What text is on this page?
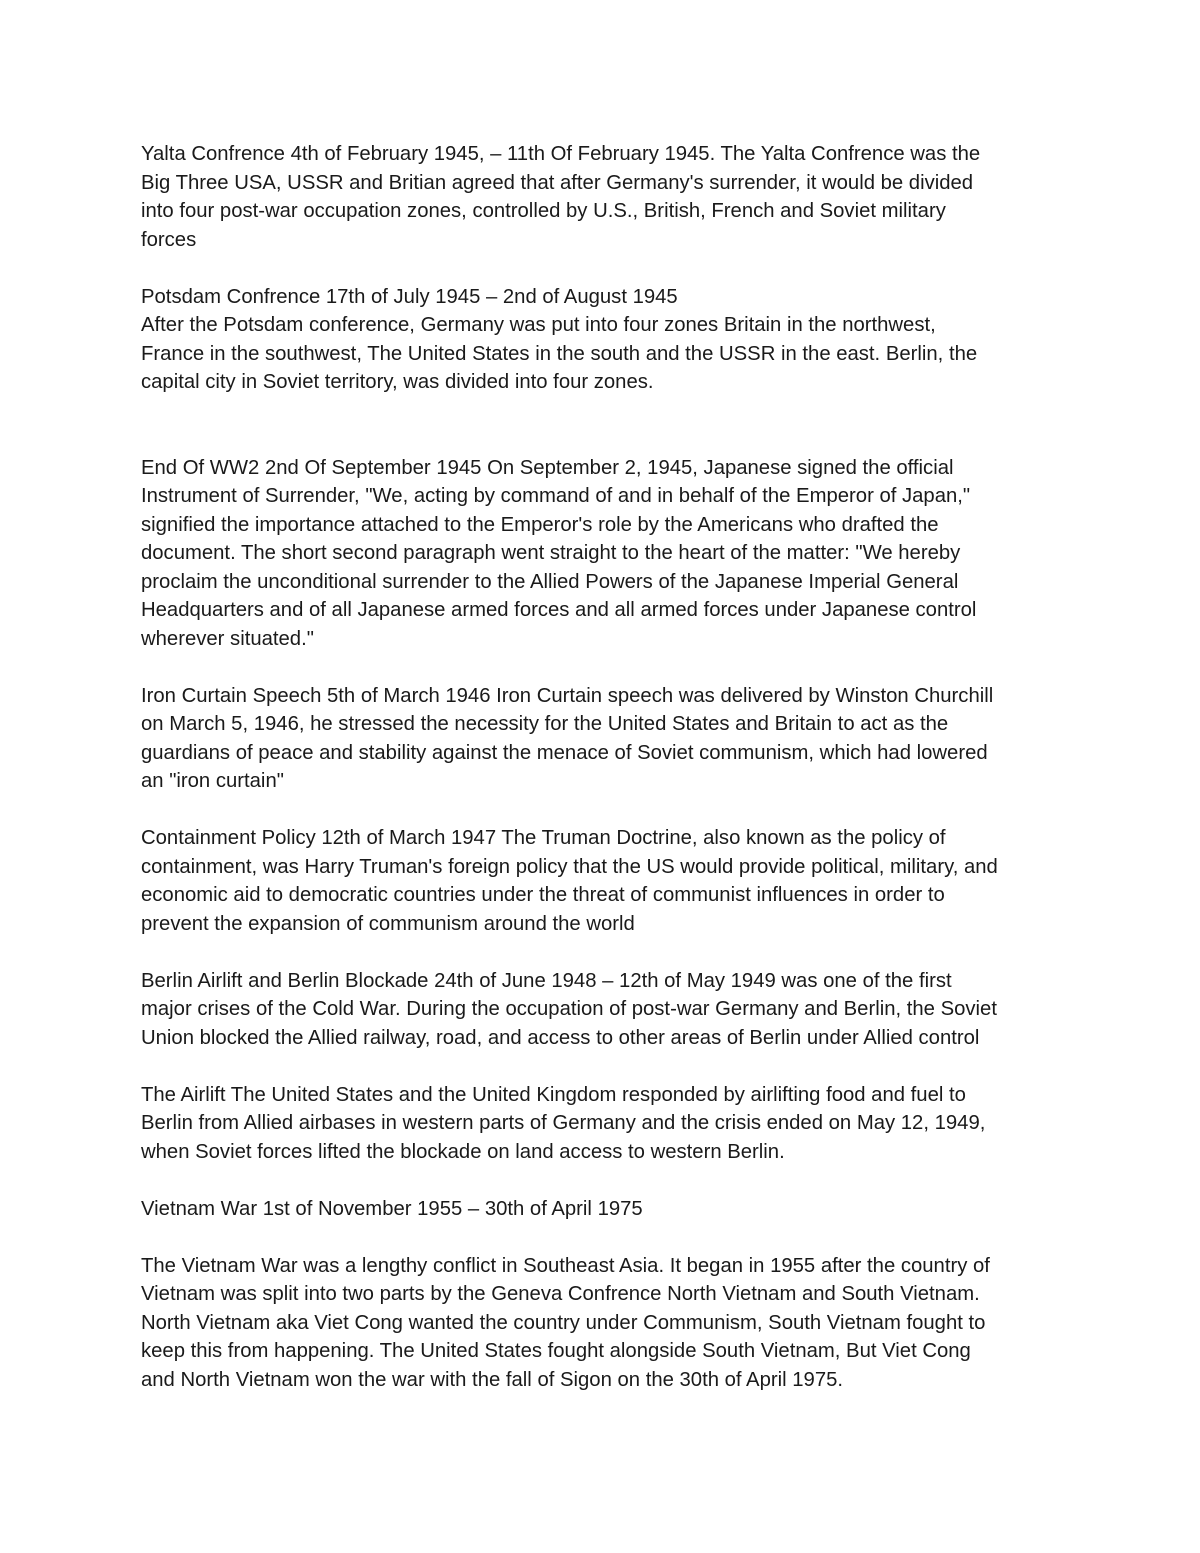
Yalta Confrence 4th of February 1945, – 11th Of February 1945. The Yalta Confrence was the
Big Three USA, USSR and Britian agreed that after Germany's surrender, it would be divided
into four post-war occupation zones, controlled by U.S., British, French and Soviet military
forces

Potsdam Confrence 17th of July 1945 – 2nd of August 1945
After the Potsdam conference, Germany was put into four zones Britain in the northwest,
France in the southwest, The United States in the south and the USSR in the east. Berlin, the
capital city in Soviet territory, was divided into four zones.

End Of WW2 2nd Of September 1945 On September 2, 1945, Japanese signed the official
Instrument of Surrender, "We, acting by command of and in behalf of the Emperor of Japan,"
signified the importance attached to the Emperor's role by the Americans who drafted the
document. The short second paragraph went straight to the heart of the matter: "We hereby
proclaim the unconditional surrender to the Allied Powers of the Japanese Imperial General
Headquarters and of all Japanese armed forces and all armed forces under Japanese control
wherever situated."

Iron Curtain Speech 5th of March 1946 Iron Curtain speech was delivered by Winston Churchill
on March 5, 1946, he stressed the necessity for the United States and Britain to act as the
guardians of peace and stability against the menace of Soviet communism, which had lowered
an "iron curtain"

Containment Policy 12th of March 1947 The Truman Doctrine, also known as the policy of
containment, was Harry Truman's foreign policy that the US would provide political, military, and
economic aid to democratic countries under the threat of communist influences in order to
prevent the expansion of communism around the world

Berlin Airlift and Berlin Blockade 24th of June 1948 – 12th of May 1949 was one of the first
major crises of the Cold War. During the occupation of post-war Germany and Berlin, the Soviet
Union blocked the Allied railway, road, and access to other areas of Berlin under Allied control

The Airlift The United States and the United Kingdom responded by airlifting food and fuel to
Berlin from Allied airbases in western parts of Germany and the crisis ended on May 12, 1949,
when Soviet forces lifted the blockade on land access to western Berlin.

Vietnam War 1st of November 1955 – 30th of April 1975

The Vietnam War was a lengthy conflict in Southeast Asia. It began in 1955 after the country of
Vietnam was split into two parts by the Geneva Confrence North Vietnam and South Vietnam.
North Vietnam aka Viet Cong wanted the country under Communism, South Vietnam fought to
keep this from happening. The United States fought alongside South Vietnam, But Viet Cong
and North Vietnam won the war with the fall of Sigon on the 30th of April 1975.
